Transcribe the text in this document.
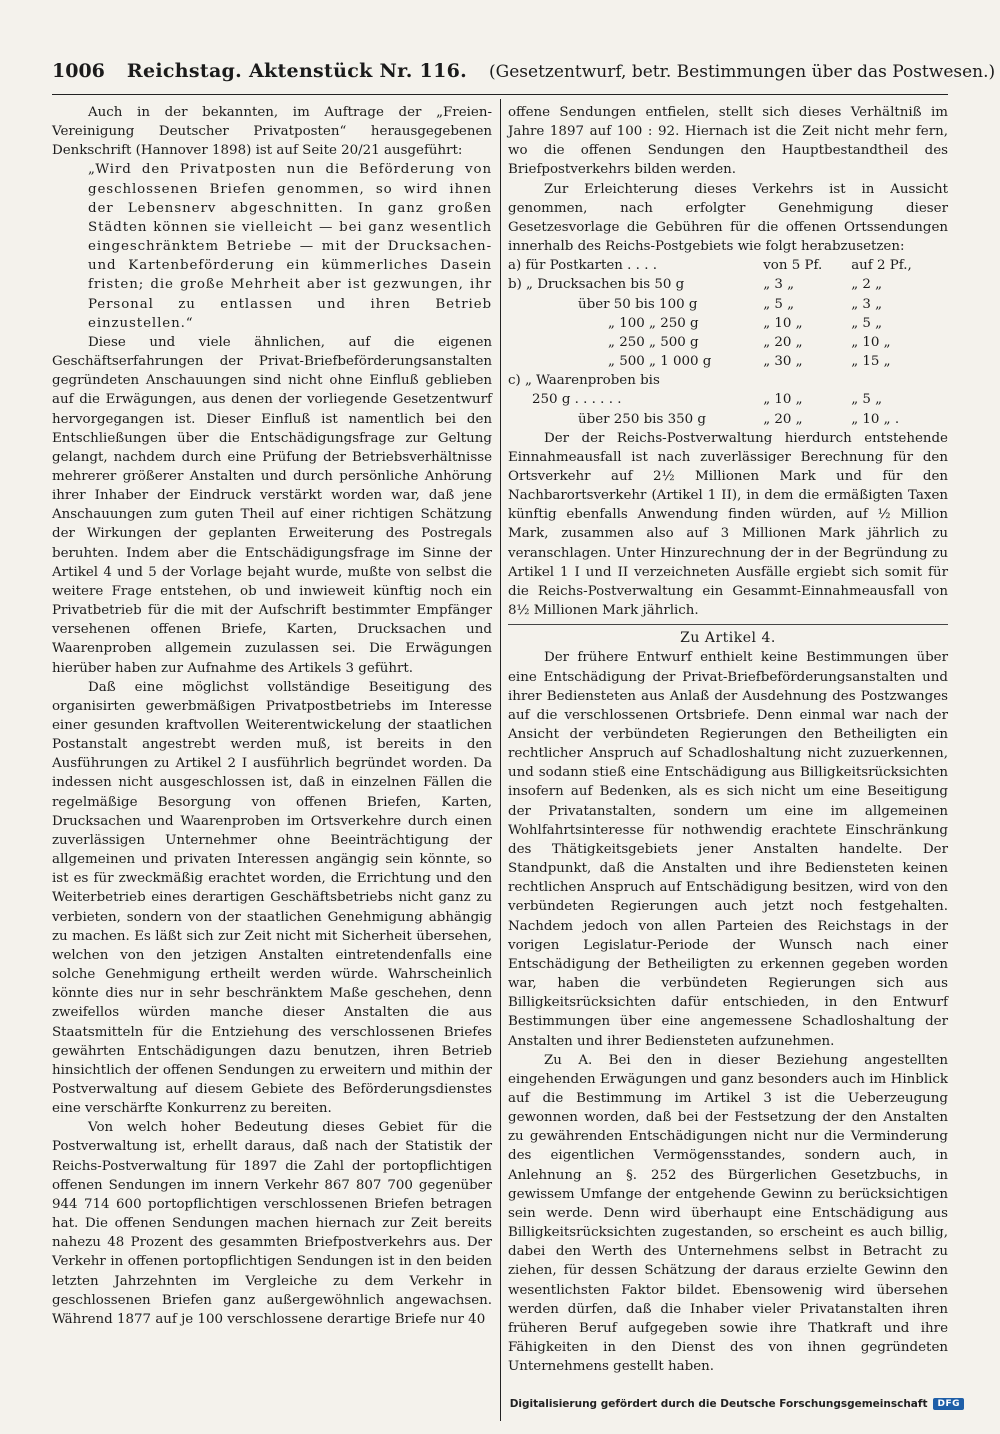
1006 Reichstag. Aktenstück Nr. 116. (Gesetzentwurf, betr. Bestimmungen über das Postwesen.)

Auch in der bekannten, im Auftrage der „Freien-Vereinigung Deutscher Privatposten“ herausgegebenen Denkschrift (Hannover 1898) ist auf Seite 20/21 ausgeführt:

„Wird den Privatposten nun die Beförderung von geschlossenen Briefen genommen, so wird ihnen der Lebensnerv abgeschnitten. In ganz großen Städten können sie vielleicht — bei ganz wesentlich eingeschränktem Betriebe — mit der Drucksachen- und Kartenbeförderung ein kümmerliches Dasein fristen; die große Mehrheit aber ist gezwungen, ihr Personal zu entlassen und ihren Betrieb einzustellen.“

Diese und viele ähnlichen, auf die eigenen Geschäftserfahrungen der Privat-Briefbeförderungsanstalten gegründeten Anschauungen sind nicht ohne Einfluß geblieben auf die Erwägungen, aus denen der vorliegende Gesetzentwurf hervorgegangen ist. Dieser Einfluß ist namentlich bei den Entschließungen über die Entschädigungsfrage zur Geltung gelangt, nachdem durch eine Prüfung der Betriebsverhältnisse mehrerer größerer Anstalten und durch persönliche Anhörung ihrer Inhaber der Eindruck verstärkt worden war, daß jene Anschauungen zum guten Theil auf einer richtigen Schätzung der Wirkungen der geplanten Erweiterung des Postregals beruhten. Indem aber die Entschädigungsfrage im Sinne der Artikel 4 und 5 der Vorlage bejaht wurde, mußte von selbst die weitere Frage entstehen, ob und inwieweit künftig noch ein Privatbetrieb für die mit der Aufschrift bestimmter Empfänger versehenen offenen Briefe, Karten, Drucksachen und Waarenproben allgemein zuzulassen sei. Die Erwägungen hierüber haben zur Aufnahme des Artikels 3 geführt.

Daß eine möglichst vollständige Beseitigung des organisirten gewerbmäßigen Privatpostbetriebs im Interesse einer gesunden kraftvollen Weiterentwickelung der staatlichen Postanstalt angestrebt werden muß, ist bereits in den Ausführungen zu Artikel 2 I ausführlich begründet worden. Da indessen nicht ausgeschlossen ist, daß in einzelnen Fällen die regelmäßige Besorgung von offenen Briefen, Karten, Drucksachen und Waarenproben im Ortsverkehre durch einen zuverlässigen Unternehmer ohne Beeinträchtigung der allgemeinen und privaten Interessen angängig sein könnte, so ist es für zweckmäßig erachtet worden, die Errichtung und den Weiterbetrieb eines derartigen Geschäftsbetriebs nicht ganz zu verbieten, sondern von der staatlichen Genehmigung abhängig zu machen. Es läßt sich zur Zeit nicht mit Sicherheit übersehen, welchen von den jetzigen Anstalten eintretendenfalls eine solche Genehmigung ertheilt werden würde. Wahrscheinlich könnte dies nur in sehr beschränktem Maße geschehen, denn zweifellos würden manche dieser Anstalten die aus Staatsmitteln für die Entziehung des verschlossenen Briefes gewährten Entschädigungen dazu benutzen, ihren Betrieb hinsichtlich der offenen Sendungen zu erweitern und mithin der Postverwaltung auf diesem Gebiete des Beförderungsdienstes eine verschärfte Konkurrenz zu bereiten.

Von welch hoher Bedeutung dieses Gebiet für die Postverwaltung ist, erhellt daraus, daß nach der Statistik der Reichs-Postverwaltung für 1897 die Zahl der portopflichtigen offenen Sendungen im innern Verkehr 867 807 700 gegenüber 944 714 600 portopflichtigen verschlossenen Briefen betragen hat. Die offenen Sendungen machen hiernach zur Zeit bereits nahezu 48 Prozent des gesammten Briefpostverkehrs aus. Der Verkehr in offenen portopflichtigen Sendungen ist in den beiden letzten Jahrzehnten im Vergleiche zu dem Verkehr in geschlossenen Briefen ganz außergewöhnlich angewachsen. Während 1877 auf je 100 verschlossene derartige Briefe nur 40

offene Sendungen entfielen, stellt sich dieses Verhältniß im Jahre 1897 auf 100 : 92. Hiernach ist die Zeit nicht mehr fern, wo die offenen Sendungen den Hauptbestandtheil des Briefpostverkehrs bilden werden.

Zur Erleichterung dieses Verkehrs ist in Aussicht genommen, nach erfolgter Genehmigung dieser Gesetzesvorlage die Gebühren für die offenen Ortssendungen innerhalb des Reichs-Postgebiets wie folgt herabzusetzen:

a) für Postkarten . . . .	von 5 Pf.	auf 2 Pf.,
b) „ Drucksachen bis 50 g	„ 3 „	„ 2 „
über 50 bis 100 g	„ 5 „	„ 3 „
„ 100 „ 250 g	„ 10 „	„ 5 „
„ 250 „ 500 g	„ 20 „	„ 10 „
„ 500 „ 1 000 g	„ 30 „	„ 15 „
c) „ Waarenproben bis		
250 g . . . . . .	„ 10 „	„ 5 „
über 250 bis 350 g	„ 20 „	„ 10 „ .

Der der Reichs-Postverwaltung hierdurch entstehende Einnahmeausfall ist nach zuverlässiger Berechnung für den Ortsverkehr auf 2½ Millionen Mark und für den Nachbarortsverkehr (Artikel 1 II), in dem die ermäßigten Taxen künftig ebenfalls Anwendung finden würden, auf ½ Million Mark, zusammen also auf 3 Millionen Mark jährlich zu veranschlagen. Unter Hinzurechnung der in der Begründung zu Artikel 1 I und II verzeichneten Ausfälle ergiebt sich somit für die Reichs-Postverwaltung ein Gesammt-Einnahmeausfall von 8½ Millionen Mark jährlich.

Zu Artikel 4.

Der frühere Entwurf enthielt keine Bestimmungen über eine Entschädigung der Privat-Briefbeförderungsanstalten und ihrer Bediensteten aus Anlaß der Ausdehnung des Postzwanges auf die verschlossenen Ortsbriefe. Denn einmal war nach der Ansicht der verbündeten Regierungen den Betheiligten ein rechtlicher Anspruch auf Schadloshaltung nicht zuzuerkennen, und sodann stieß eine Entschädigung aus Billigkeitsrücksichten insofern auf Bedenken, als es sich nicht um eine Beseitigung der Privatanstalten, sondern um eine im allgemeinen Wohlfahrtsinteresse für nothwendig erachtete Einschränkung des Thätigkeitsgebiets jener Anstalten handelte. Der Standpunkt, daß die Anstalten und ihre Bediensteten keinen rechtlichen Anspruch auf Entschädigung besitzen, wird von den verbündeten Regierungen auch jetzt noch festgehalten. Nachdem jedoch von allen Parteien des Reichstags in der vorigen Legislatur-Periode der Wunsch nach einer Entschädigung der Betheiligten zu erkennen gegeben worden war, haben die verbündeten Regierungen sich aus Billigkeitsrücksichten dafür entschieden, in den Entwurf Bestimmungen über eine angemessene Schadloshaltung der Anstalten und ihrer Bediensteten aufzunehmen.

Zu A. Bei den in dieser Beziehung angestellten eingehenden Erwägungen und ganz besonders auch im Hinblick auf die Bestimmung im Artikel 3 ist die Ueberzeugung gewonnen worden, daß bei der Festsetzung der den Anstalten zu gewährenden Entschädigungen nicht nur die Verminderung des eigentlichen Vermögensstandes, sondern auch, in Anlehnung an §. 252 des Bürgerlichen Gesetzbuchs, in gewissem Umfange der entgehende Gewinn zu berücksichtigen sein werde. Denn wird überhaupt eine Entschädigung aus Billigkeitsrücksichten zugestanden, so erscheint es auch billig, dabei den Werth des Unternehmens selbst in Betracht zu ziehen, für dessen Schätzung der daraus erzielte Gewinn den wesentlichsten Faktor bildet. Ebensowenig wird übersehen werden dürfen, daß die Inhaber vieler Privatanstalten ihren früheren Beruf aufgegeben sowie ihre Thatkraft und ihre Fähigkeiten in den Dienst des von ihnen gegründeten Unternehmens gestellt haben.

Digitalisierung gefördert durch die Deutsche Forschungsgemeinschaft	DFG
